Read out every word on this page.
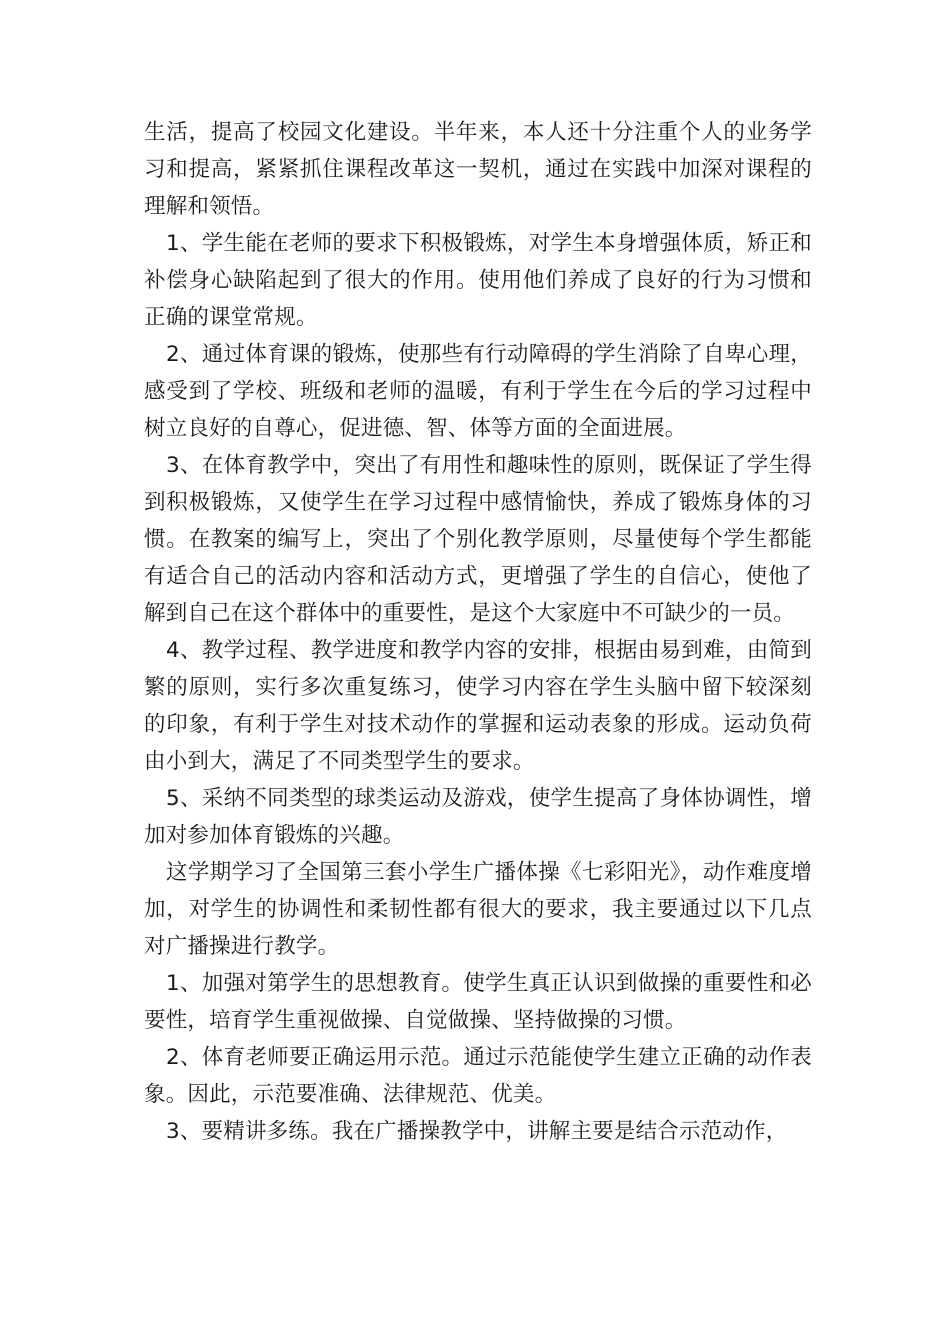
生活，提高了校园文化建设。半年来，本人还十分注重个人的业务学习和提高，紧紧抓住课程改革这一契机，通过在实践中加深对课程的理解和领悟。

1、学生能在老师的要求下积极锻炼，对学生本身增强体质，矫正和补偿身心缺陷起到了很大的作用。使用他们养成了良好的行为习惯和正确的课堂常规。

2、通过体育课的锻炼，使那些有行动障碍的学生消除了自卑心理，感受到了学校、班级和老师的温暖，有利于学生在今后的学习过程中树立良好的自尊心，促进德、智、体等方面的全面进展。

3、在体育教学中，突出了有用性和趣味性的原则，既保证了学生得到积极锻炼，又使学生在学习过程中感情愉快，养成了锻炼身体的习惯。在教案的编写上，突出了个别化教学原则，尽量使每个学生都能有适合自己的活动内容和活动方式，更增强了学生的自信心，使他了解到自己在这个群体中的重要性，是这个大家庭中不可缺少的一员。

4、教学过程、教学进度和教学内容的安排，根据由易到难，由简到繁的原则，实行多次重复练习，使学习内容在学生头脑中留下较深刻的印象，有利于学生对技术动作的掌握和运动表象的形成。运动负荷由小到大，满足了不同类型学生的要求。

5、采纳不同类型的球类运动及游戏，使学生提高了身体协调性，增加对参加体育锻炼的兴趣。

这学期学习了全国第三套小学生广播体操《七彩阳光》，动作难度增加，对学生的协调性和柔韧性都有很大的要求，我主要通过以下几点对广播操进行教学。

1、加强对第学生的思想教育。使学生真正认识到做操的重要性和必要性，培育学生重视做操、自觉做操、坚持做操的习惯。

2、体育老师要正确运用示范。通过示范能使学生建立正确的动作表象。因此，示范要准确、法律规范、优美。

3、要精讲多练。我在广播操教学中，讲解主要是结合示范动作，
